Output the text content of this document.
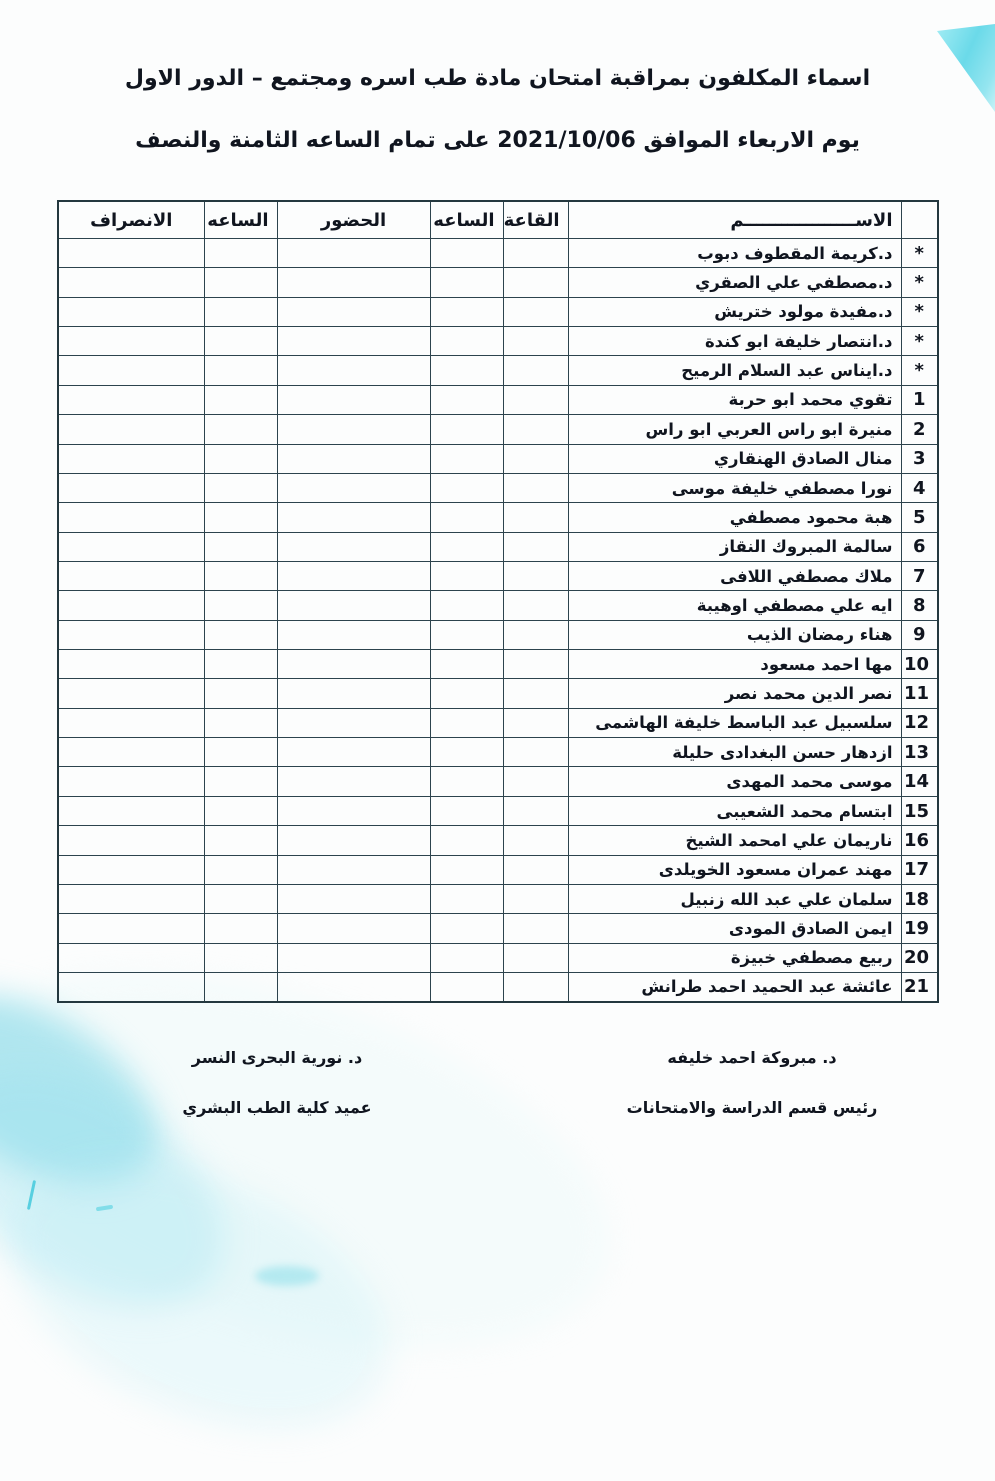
اسماء المكلفون بمراقبة امتحان مادة طب اسره ومجتمع – الدور الاول
يوم الاربعاء الموافق 2021/10/06 على تمام الساعه الثامنة والنصف
	الاســــــــــــــــــم	القاعة	الساعه	الحضور	الساعه	الانصراف
*	د.كريمة المقطوف دبوب					
*	د.مصطفي علي الصقري					
*	د.مفيدة مولود ختريش					
*	د.انتصار خليفة ابو كندة					
*	د.ايناس عبد السلام الرميح					
1	تقوي محمد ابو حربة					
2	منيرة ابو راس العربي ابو راس					
3	منال الصادق الهنقاري					
4	نورا مصطفي خليفة موسى					
5	هبة محمود مصطفي					
6	سالمة المبروك النقاز					
7	ملاك مصطفي اللافى					
8	ايه علي مصطفي اوهيبة					
9	هناء رمضان الذيب					
10	مها احمد مسعود					
11	نصر الدين محمد نصر					
12	سلسبيل عبد الباسط خليفة الهاشمى					
13	ازدهار حسن البغدادى حليلة					
14	موسى محمد المهدى					
15	ابتسام محمد الشعيبى					
16	ناريمان علي امحمد الشيخ					
17	مهند عمران مسعود الخويلدى					
18	سلمان علي عبد الله زنبيل					
19	ايمن الصادق المودى					
20	ربيع مصطفي خبيزة					
21	عائشة عبد الحميد احمد طرانش					
د. مبروكة احمد خليفه
رئيس قسم الدراسة والامتحانات
د. نورية البحرى النسر
عميد كلية الطب البشري
